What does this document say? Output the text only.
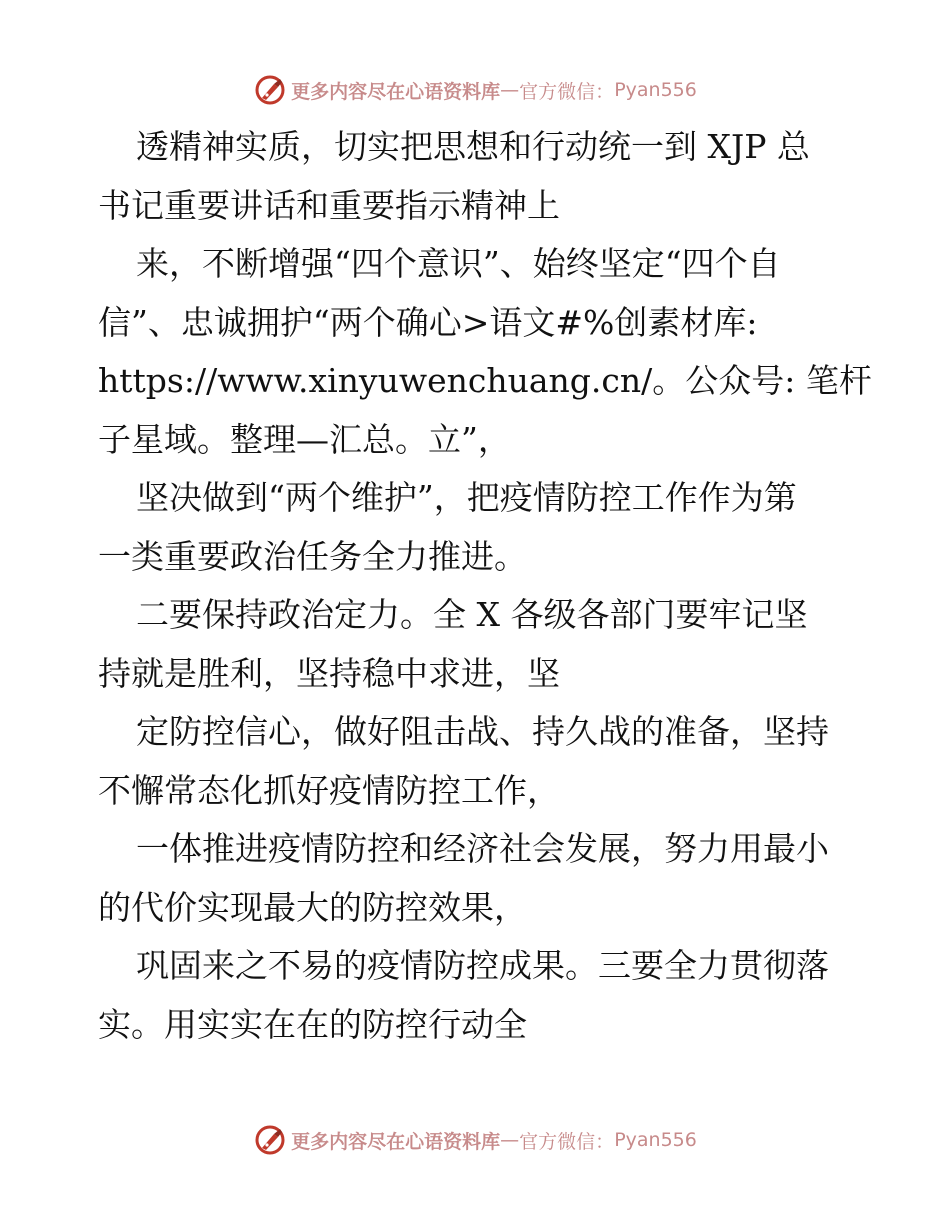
更多内容尽在心语资料库 — 官方微信： Pyan556
透精神实质，切实把思想和行动统一到 XJP 总
书记重要讲话和重要指示精神上
来，不断增强“四个意识”、始终坚定“四个自
信”、忠诚拥护“两个确心>语文#%创素材库:
https://www.xinyuwenchuang.cn/。公众号: 笔杆
子星域。整理—汇总。立”，
坚决做到“两个维护”，把疫情防控工作作为第
一类重要政治任务全力推进。
二要保持政治定力。全 X 各级各部门要牢记坚
持就是胜利，坚持稳中求进，坚
定防控信心，做好阻击战、持久战的准备，坚持
不懈常态化抓好疫情防控工作，
一体推进疫情防控和经济社会发展，努力用最小
的代价实现最大的防控效果，
巩固来之不易的疫情防控成果。三要全力贯彻落
实。用实实在在的防控行动全
更多内容尽在心语资料库 — 官方微信： Pyan556
